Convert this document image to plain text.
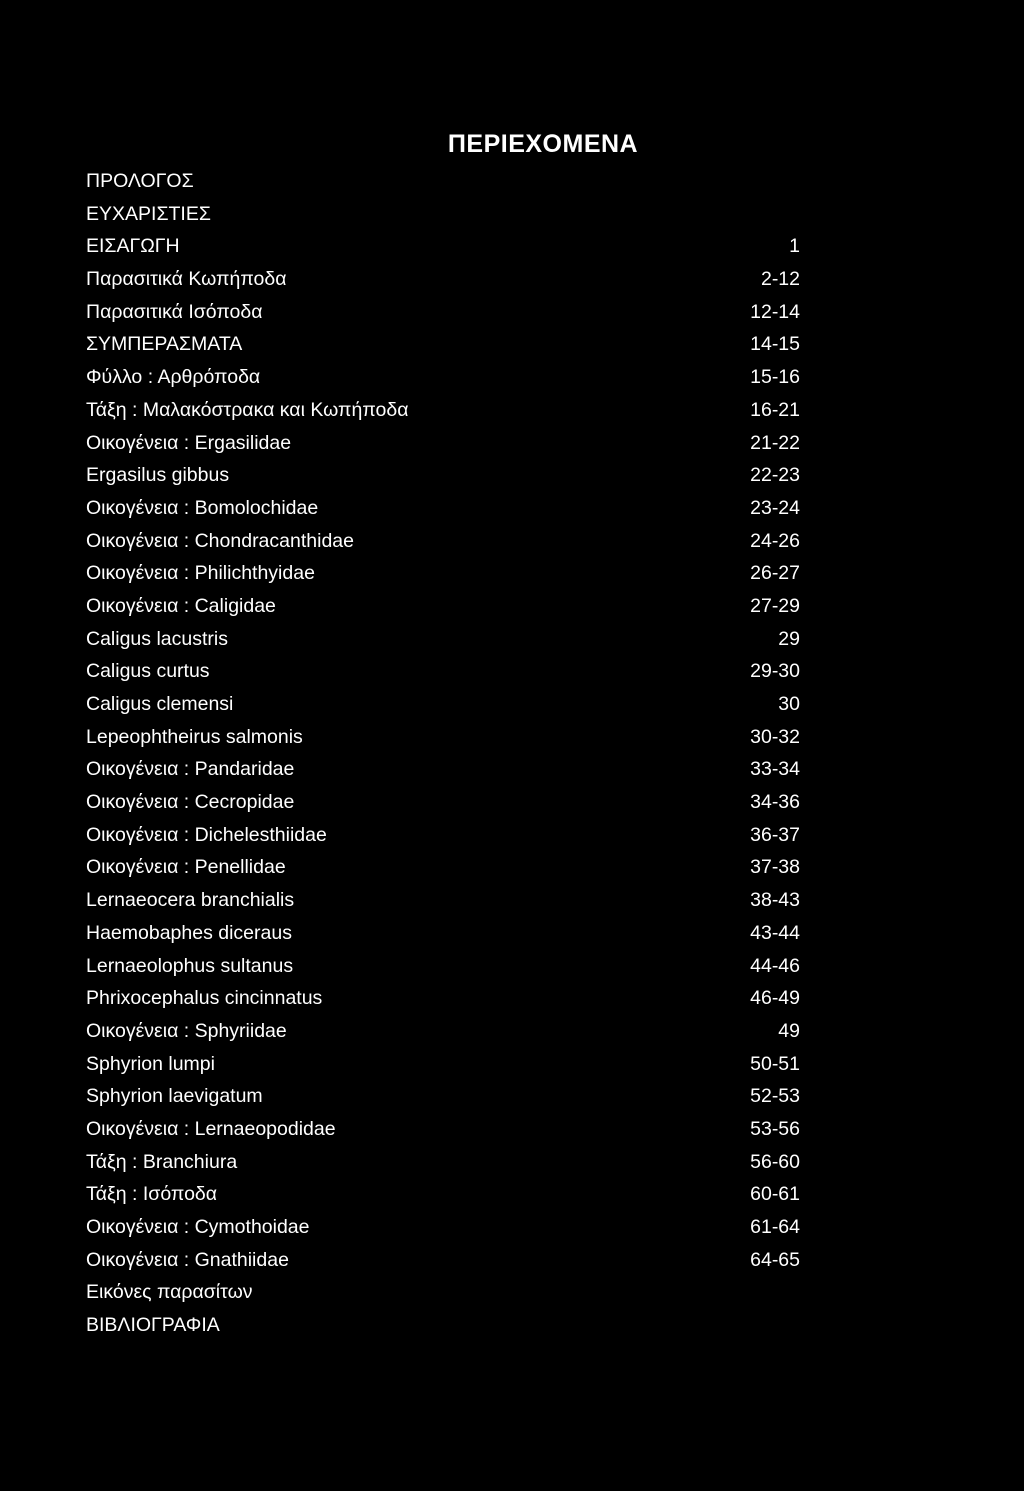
ΠΕΡΙΕΧΟΜΕΝΑ
ΠΡΟΛΟΓΟΣ
ΕΥΧΑΡΙΣΤΙΕΣ
ΕΙΣΑΓΩΓΗ	1
Παρασιτικά Κωπήποδα	2-12
Παρασιτικά Ισόποδα	12-14
ΣΥΜΠΕΡΑΣΜΑΤΑ	14-15
Φύλλο : Αρθρόποδα	15-16
Τάξη : Μαλακόστρακα και Κωπήποδα	16-21
Οικογένεια : Ergasilidae	21-22
Ergasilus gibbus	22-23
Οικογένεια : Bomolochidae	23-24
Οικογένεια : Chondracanthidae	24-26
Οικογένεια : Philichthyidae	26-27
Οικογένεια : Caligidae	27-29
Caligus lacustris	29
Caligus curtus	29-30
Caligus clemensi	30
Lepeophtheirus salmonis	30-32
Οικογένεια : Pandaridae	33-34
Οικογένεια : Cecropidae	34-36
Οικογένεια : Dichelesthiidae	36-37
Οικογένεια : Penellidae	37-38
Lernaeocera branchialis	38-43
Haemobaphes diceraus	43-44
Lernaeolophus sultanus	44-46
Phrixocephalus cincinnatus	46-49
Οικογένεια : Sphyriidae	49
Sphyrion lumpi	50-51
Sphyrion laevigatum	52-53
Οικογένεια : Lernaeopodidae	53-56
Τάξη : Branchiura	56-60
Τάξη : Ισόποδα	60-61
Οικογένεια : Cymothoidae	61-64
Οικογένεια : Gnathiidae	64-65
Εικόνες παρασίτων
ΒΙΒΛΙΟΓΡΑΦΙΑ
